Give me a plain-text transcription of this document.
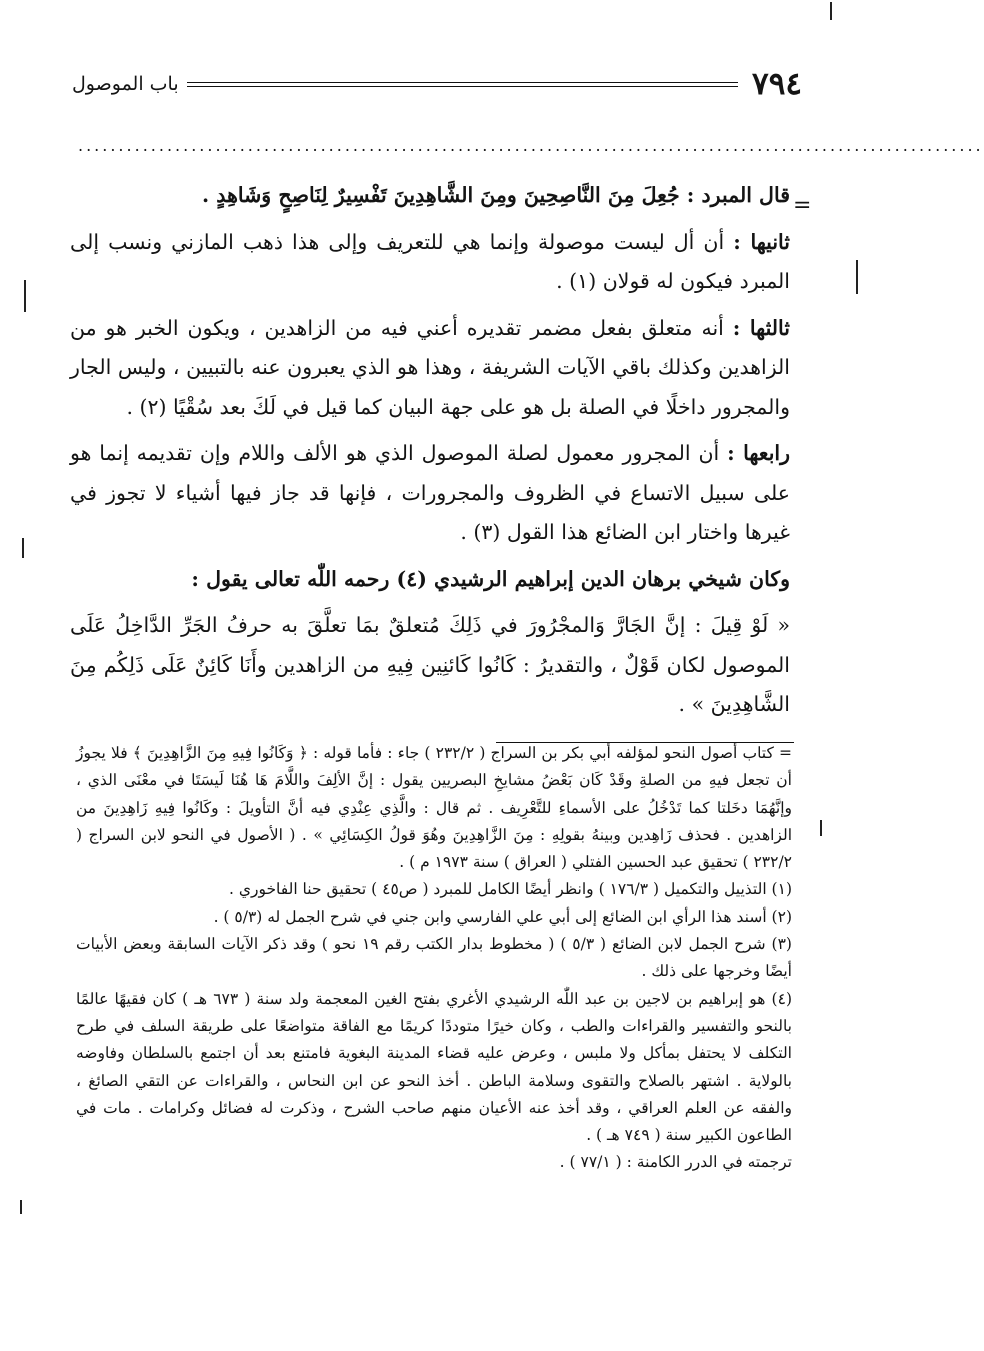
٧٩٤
باب الموصول
................................................................................................................
=

قال المبرد : جُعِلَ مِنَ النَّاصِحِينَ ومِنَ الشَّاهِدِينَ تَفْسِيرٌ لِنَاصِحٍ وَشَاهِدٍ .

ثانيها : أن أل ليست موصولة وإنما هي للتعريف وإلى هذا ذهب المازني ونسب إلى المبرد فيكون له قولان (١) .

ثالثها : أنه متعلق بفعل مضمر تقديره أعني فيه من الزاهدين ، ويكون الخبر هو من الزاهدين وكذلك باقي الآيات الشريفة ، وهذا هو الذي يعبرون عنه بالتبيين ، وليس الجار والمجرور داخلًا في الصلة بل هو على جهة البيان كما قيل في لَكَ بعد سُقْيًا (٢) .

رابعها : أن المجرور معمول لصلة الموصول الذي هو الألف واللام وإن تقديمه إنما هو على سبيل الاتساع في الظروف والمجرورات ، فإنها قد جاز فيها أشياء لا تجوز في غيرها واختار ابن الضائع هذا القول (٣) .

وكان شيخي برهان الدين إبراهيم الرشيدي (٤) رحمه اللّٰه تعالى يقول :

« لَوْ قِيلَ : إنَّ الجَارَّ وَالمجْرُورَ في ذَلِكَ مُتعلقٌ بمَا تعلَّقَ به حرفُ الجَرِّ الدَّاخِلُ عَلَى الموصول لكان قَوْلٌ ، والتقديرُ : كَانُوا كَائنِين فِيهِ من الزاهدين وأَنَا كَائِنٌ عَلَى ذَلِكُم مِنَ الشَّاهِدِينَ » .

= كتاب أصول النحو لمؤلفه أبي بكر بن السراج ( ٢٣٢/٢ ) جاء : فأما قوله : ﴿ وَكَانُوا فِيهِ مِنَ الزَّاهِدِينَ ﴾ فلا يجوزُ أن تجعل فيهِ من الصلةِ وقَدْ كَان بَعْضُ مشايخِ البصريين يقول : إنَّ الألِفَ واللَّامَ هَا هُنَا لَيسَتَا في معْنَى الذي ، وإنَّهُمَا دخَلتا كما تَدْخُلُ على الأسماءِ للتَّعْرِيف . ثم قال : والَّذِي عِنْدِي فيه أنَّ التأويلَ : وكَانُوا فِيهِ زَاهِدِينَ من الزاهدين . فحذف زَاهِدين وبينهُ بقولِهِ : مِنَ الزَّاهِدِينَ وهُوَ قولُ الكِسَائِي » . ( الأصول في النحو لابن السراج ( ٢٣٢/٢ ) تحقيق عبد الحسين الفتلي ( العراق ) سنة ١٩٧٣ م ) .

(١) التذييل والتكميل ( ١٧٦/٣ ) وانظر أيضًا الكامل للمبرد ( ص٤٥ ) تحقيق حنا الفاخوري .

(٢) أسند هذا الرأي ابن الضائع إلى أبي علي الفارسي وابن جني في شرح الجمل له (٥/٣ ) .

(٣) شرح الجمل لابن الضائع ( ٥/٣ ) ( مخطوط بدار الكتب رقم ١٩ نحو ) وقد ذكر الآيات السابقة وبعض الأبيات أيضًا وخرجها على ذلك .

(٤) هو إبراهيم بن لاجين بن عبد اللّٰه الرشيدي الأغري بفتح الغين المعجمة ولد سنة ( ٦٧٣ هـ ) كان فقيهًا عالمًا بالنحو والتفسير والقراءات والطب ، وكان خيرًا متوددًا كريمًا مع الفاقة متواضعًا على طريقة السلف في طرح التكلف لا يحتفل بمأكل ولا ملبس ، وعرض عليه قضاء المدينة البغوية فامتنع بعد أن اجتمع بالسلطان وفاوضه بالولاية . اشتهر بالصلاح والتقوى وسلامة الباطن . أخذ النحو عن ابن النحاس ، والقراءات عن التقي الصائغ ، والفقه عن العلم العراقي ، وقد أخذ عنه الأعيان منهم صاحب الشرح ، وذكرت له فضائل وكرامات . مات في الطاعون الكبير سنة ( ٧٤٩ هـ ) .

ترجمته في الدرر الكامنة : ( ٧٧/١ ) .
